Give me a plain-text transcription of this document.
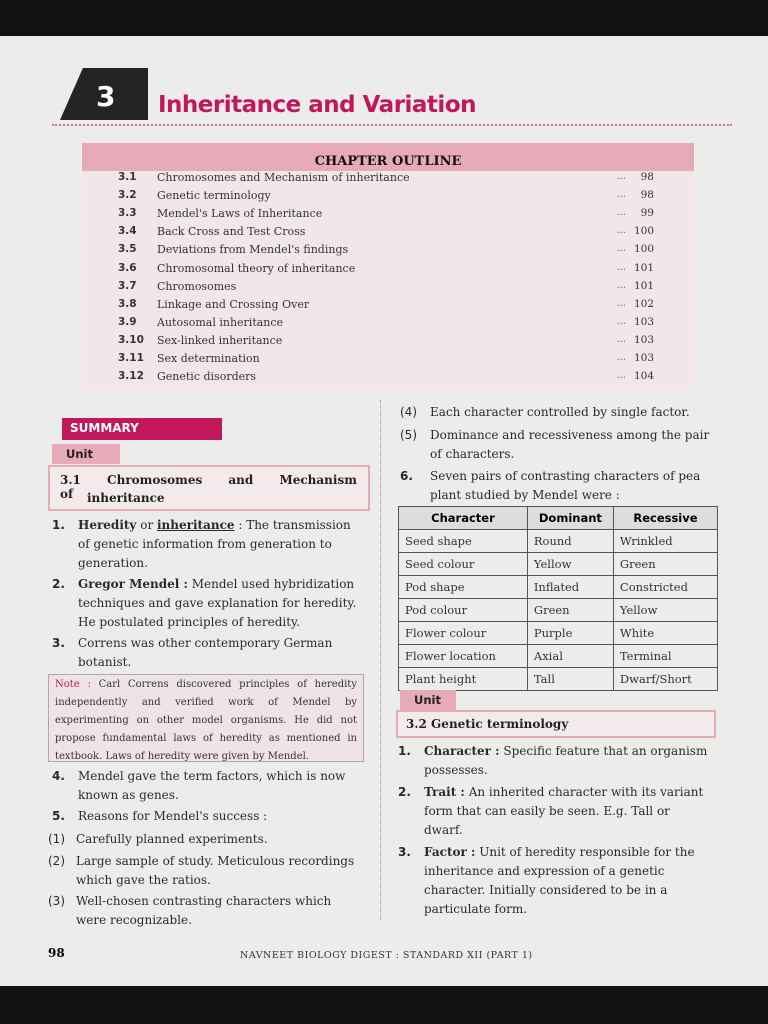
3 Inheritance and Variation
CHAPTER OUTLINE
3.1 Chromosomes and Mechanism of inheritance	... 98
3.2 Genetic terminology	... 98
3.3 Mendel's Laws of Inheritance	... 99
3.4 Back Cross and Test Cross	... 100
3.5 Deviations from Mendel's findings	... 100
3.6 Chromosomal theory of inheritance	... 101
3.7 Chromosomes	... 101
3.8 Linkage and Crossing Over	... 102
3.9 Autosomal inheritance	... 103
3.10 Sex-linked inheritance	... 103
3.11 Sex determination	... 103
3.12 Genetic disorders	... 104
SUMMARY
Unit
3.1 Chromosomes and Mechanism of	inheritance
1.	Heredity or inheritance : The transmission
of genetic information from generation to
generation.
2.	Gregor Mendel : Mendel used hybridization
techniques and gave explanation for heredity.
He postulated principles of heredity.
3.	Correns was other contemporary German
botanist.
Note : Carl Correns discovered principles of heredity independently and verified work of Mendel by experimenting on other model organisms. He did not propose fundamental laws of heredity as mentioned in textbook. Laws of heredity were given by Mendel.
4.	Mendel gave the term factors, which is now
known as genes.
5.	Reasons for Mendel's success :
(1) Carefully planned experiments.
(2) Large sample of study. Meticulous recordings
which gave the ratios.
(3) Well-chosen contrasting characters which
were recognizable.
(4)	Each character controlled by single factor.
(5)	Dominance and recessiveness among the pair
of characters.
6.	Seven pairs of contrasting characters of pea
plant studied by Mendel were :
Character	Dominant	Recessive
Seed shape	Round	Wrinkled
Seed colour	Yellow	Green
Pod shape	Inflated	Constricted
Pod colour	Green	Yellow
Flower colour	Purple	White
Flower location	Axial	Terminal
Plant height	Tall	Dwarf/Short
Unit
3.2 Genetic terminology
1.	Character : Specific feature that an organism
possesses.
2.	Trait : An inherited character with its variant
form that can easily be seen. E.g. Tall or
dwarf.
3.	Factor : Unit of heredity responsible for the
inheritance and expression of a genetic
character. Initially considered to be in a
particulate form.
98	NAVNEET BIOLOGY DIGEST : STANDARD XII (PART 1)
